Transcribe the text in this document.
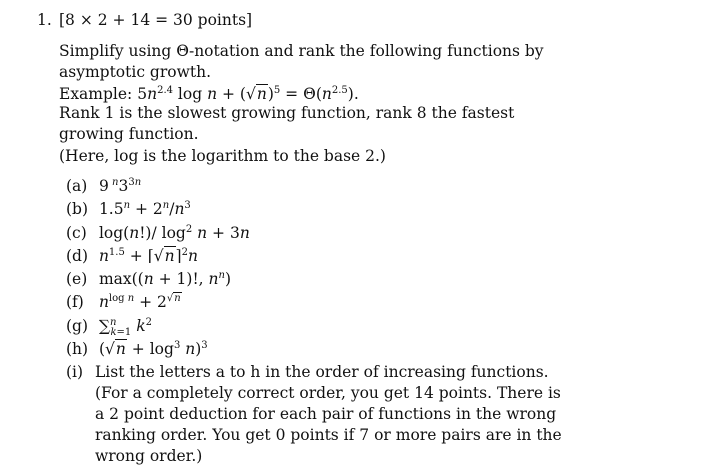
1. [8 × 2 + 14 = 30 points]
Simplify using Θ-notation and rank the following functions by asymptotic growth.
Example: $5n^{2.4}$ $\log n + (√n)^5 = \Theta(n^{2.5})$.
Rank 1 is the slowest growing function, rank 8 the fastest growing function.
(Here, log is the logarithm to the base 2.)
(a) 9 $^n3^{3n}$
(b) $1.5^n + 2^n/n^3$
(c) log(n!)/ $\log^2 n + 3n$
(d) $n^{1.5}$ + ⌈√n⌉$^2$n
(e) max((n + 1)!, $n^n$)
(f) $n^{log n} + 2^{√n}$
(g) ∑$^n_{k=1}$ $k^2$
(h) $(√n + \log^3 n)^3$
(i) List the letters a to h in the order of increasing functions. (For a completely correct order, you get 14 points. There is a 2 point deduction for each pair of functions in the wrong ranking order. You get 0 points if 7 or more pairs are in the wrong order.)
